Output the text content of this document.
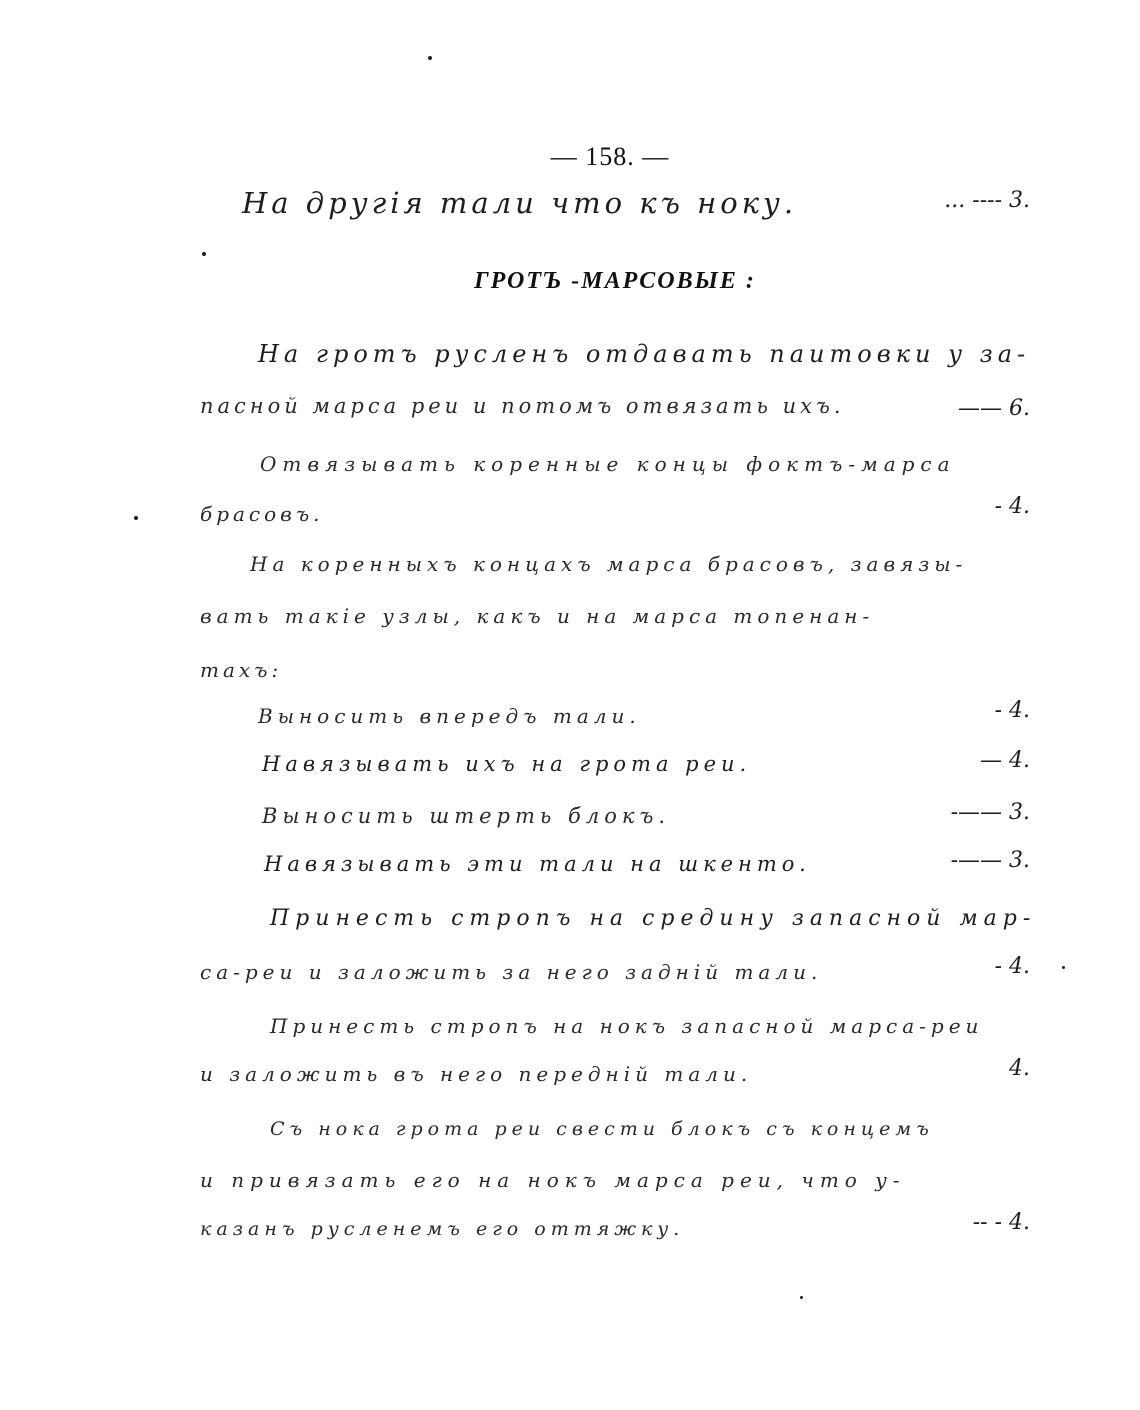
— 158. —
На другія тали что къ ноку.	... ---- 3.
ГРОТЪ -МАРСОВЫЕ :
На гротъ русленъ отдавать паитовки у за-
пасной марса реи и потомъ отвязать ихъ.	—— 6.
Отвязывать коренные концы фоктъ-марса
брасовъ.	- 4.
На коренныхъ концахъ марса брасовъ, завязы-
вать такіе узлы, какъ и на марса топенан-
тахъ:
Выносить впередъ тали.	- 4.
Навязывать ихъ на грота реи.	— 4.
Выносить штерть блокъ.	-—— 3.
Навязывать эти тали на шкентo.	-—— 3.
Принесть стропъ на средину запасной мар-
са-реи и заложить за него задній тали.	- 4.
Принесть стропъ на нокъ запасной марса-реи
и заложить въ него передній тали.	4.
Съ нока грота реи свести блокъ съ концемъ
и привязать его на нокъ марса реи, что у-
казанъ русленемъ его оттяжку.	-- - 4.
